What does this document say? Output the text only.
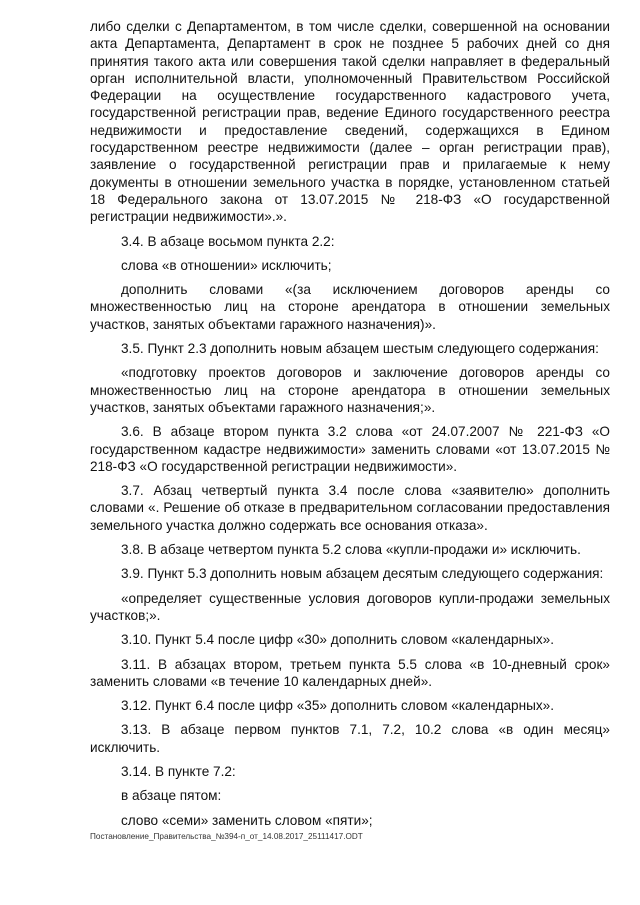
либо сделки с Департаментом, в том числе сделки, совершенной на основании акта Департамента, Департамент в срок не позднее 5 рабочих дней со дня принятия такого акта или совершения такой сделки направляет в федеральный орган исполнительной власти, уполномоченный Правительством Российской Федерации на осуществление государственного кадастрового учета, государственной регистрации прав, ведение Единого государственного реестра недвижимости и предоставление сведений, содержащихся в Едином государственном реестре недвижимости (далее – орган регистрации прав), заявление о государственной регистрации прав и прилагаемые к нему документы в отношении земельного участка в порядке, установленном статьей 18 Федерального закона от 13.07.2015 № 218-ФЗ «О государственной регистрации недвижимости».».

3.4. В абзаце восьмом пункта 2.2:

слова «в отношении» исключить;

дополнить словами «(за исключением договоров аренды со множественностью лиц на стороне арендатора в отношении земельных участков, занятых объектами гаражного назначения)».

3.5. Пункт 2.3 дополнить новым абзацем шестым следующего содержания:

«подготовку проектов договоров и заключение договоров аренды со множественностью лиц на стороне арендатора в отношении земельных участков, занятых объектами гаражного назначения;».

3.6. В абзаце втором пункта 3.2 слова «от 24.07.2007 № 221-ФЗ «О государственном кадастре недвижимости» заменить словами «от 13.07.2015 № 218-ФЗ «О государственной регистрации недвижимости».

3.7. Абзац четвертый пункта 3.4 после слова «заявителю» дополнить словами «. Решение об отказе в предварительном согласовании предоставления земельного участка должно содержать все основания отказа».

3.8. В абзаце четвертом пункта 5.2 слова «купли-продажи и» исключить.

3.9. Пункт 5.3 дополнить новым абзацем десятым следующего содержания:

«определяет существенные условия договоров купли-продажи земельных участков;».

3.10. Пункт 5.4 после цифр «30» дополнить словом «календарных».

3.11. В абзацах втором, третьем пункта 5.5 слова «в 10-дневный срок» заменить словами «в течение 10 календарных дней».

3.12. Пункт 6.4 после цифр «35» дополнить словом «календарных».

3.13. В абзаце первом пунктов 7.1, 7.2, 10.2 слова «в один месяц» исключить.

3.14. В пункте 7.2:

в абзаце пятом:

слово «семи» заменить словом «пяти»;

Постановление_Правительства_№394-п_от_14.08.2017_25111417.ODT
